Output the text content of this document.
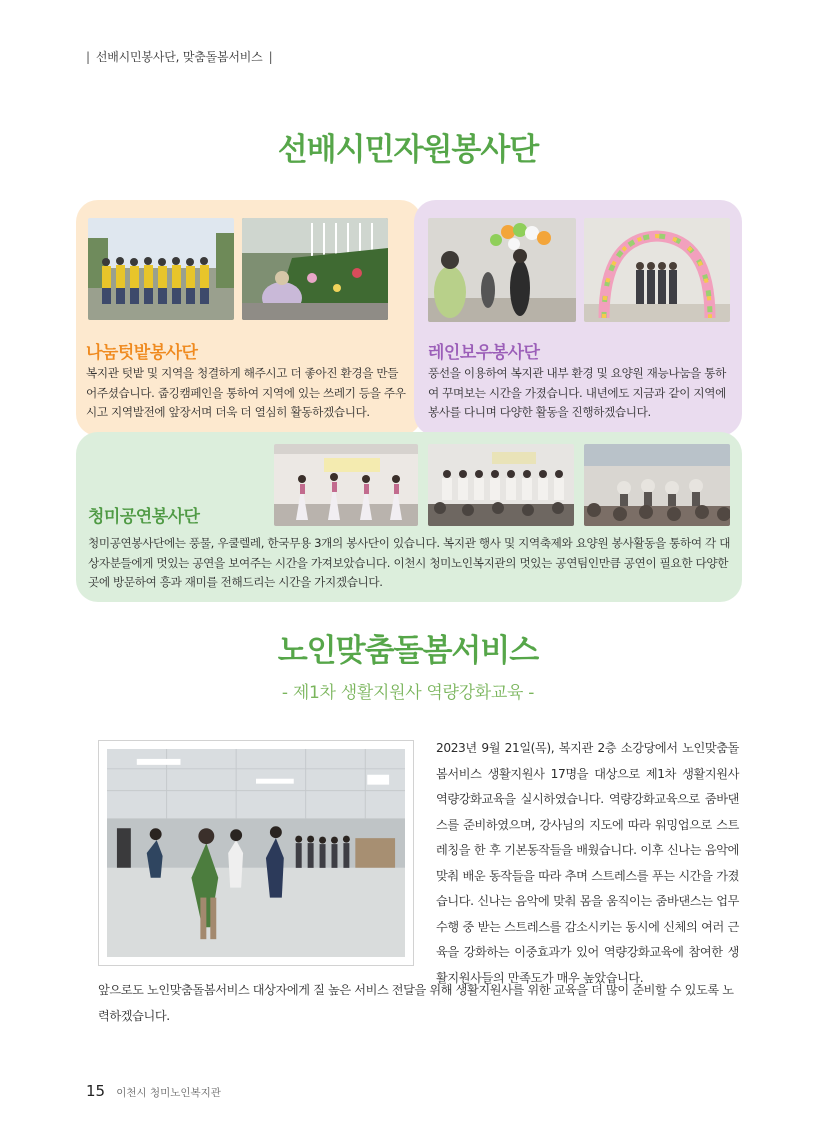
| 선배시민봉사단, 맞춤돌봄서비스 |
선배시민자원봉사단
나눔텃밭봉사단
복지관 텃밭 및 지역을 청결하게 해주시고 더 좋아진 환경을 만들어주셨습니다. 줍깅캠페인을 통하여 지역에 있는 쓰레기 등을 주우시고 지역발전에 앞장서며 더욱 더 열심히 활동하겠습니다.
레인보우봉사단
풍선을 이용하여 복지관 내부 환경 및 요양원 재능나눔을 통하여 꾸며보는 시간을 가졌습니다. 내년에도 지금과 같이 지역에 봉사를 다니며 다양한 활동을 진행하겠습니다.
청미공연봉사단
청미공연봉사단에는 풍물, 우쿨렐레, 한국무용 3개의 봉사단이 있습니다. 복지관 행사 및 지역축제와 요양원 봉사활동을 통하여 각 대상자분들에게 멋있는 공연을 보여주는 시간을 가져보았습니다. 이천시 청미노인복지관의 멋있는 공연팀인만큼 공연이 필요한 다양한 곳에 방문하여 흥과 재미를 전해드리는 시간을 가지겠습니다.
노인맞춤돌봄서비스
- 제1차 생활지원사 역량강화교육 -
2023년 9월 21일(목), 복지관 2층 소강당에서 노인맞춤돌봄서비스 생활지원사 17명을 대상으로 제1차 생활지원사 역량강화교육을 실시하였습니다. 역량강화교육으로 줌바댄스를 준비하였으며, 강사님의 지도에 따라 워밍업으로 스트레칭을 한 후 기본동작들을 배웠습니다. 이후 신나는 음악에 맞춰 배운 동작들을 따라 추며 스트레스를 푸는 시간을 가졌습니다. 신나는 음악에 맞춰 몸을 움직이는 줌바댄스는 업무 수행 중 받는 스트레스를 감소시키는 동시에 신체의 여러 근육을 강화하는 이중효과가 있어 역량강화교육에 참여한 생활지원사들의 만족도가 매우 높았습니다.
앞으로도 노인맞춤돌봄서비스 대상자에게 질 높은 서비스 전달을 위해 생활지원사를 위한 교육을 더 많이 준비할 수 있도록 노력하겠습니다.
15 이천시 청미노인복지관
